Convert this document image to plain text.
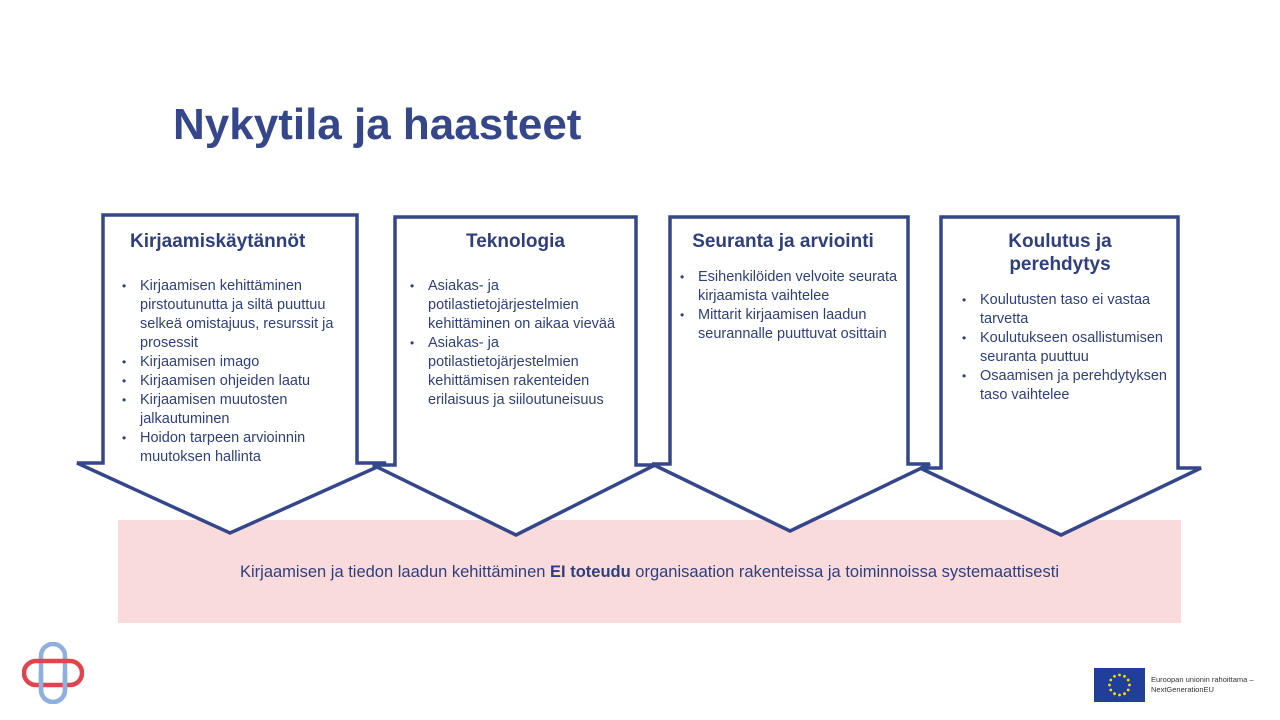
Nykytila ja haasteet
Kirjaamisen ja tiedon laadun kehittäminen EI toteudu organisaation rakenteissa ja toiminnoissa systemaattisesti
Kirjaamiskäytännöt
• Kirjaamisen kehittäminen pirstoutunutta ja siltä puuttuu selkeä omistajuus, resurssit ja prosessit
• Kirjaamisen imago
• Kirjaamisen ohjeiden laatu
• Kirjaamisen muutosten jalkautuminen
• Hoidon tarpeen arvioinnin muutoksen hallinta
Teknologia
• Asiakas- ja potilastietojärjestelmien kehittäminen on aikaa vievää
• Asiakas- ja potilastietojärjestelmien kehittämisen rakenteiden erilaisuus ja siiloutuneisuus
Seuranta ja arviointi
• Esihenkilöiden velvoite seurata kirjaamista vaihtelee
• Mittarit kirjaamisen laadun seurannalle puuttuvat osittain
Koulutus ja perehdytys
• Koulutusten taso ei vastaa tarvetta
• Koulutukseen osallistumisen seuranta puuttuu
• Osaamisen ja perehdytyksen taso vaihtelee
Euroopan unionin rahoittama –
NextGenerationEU
